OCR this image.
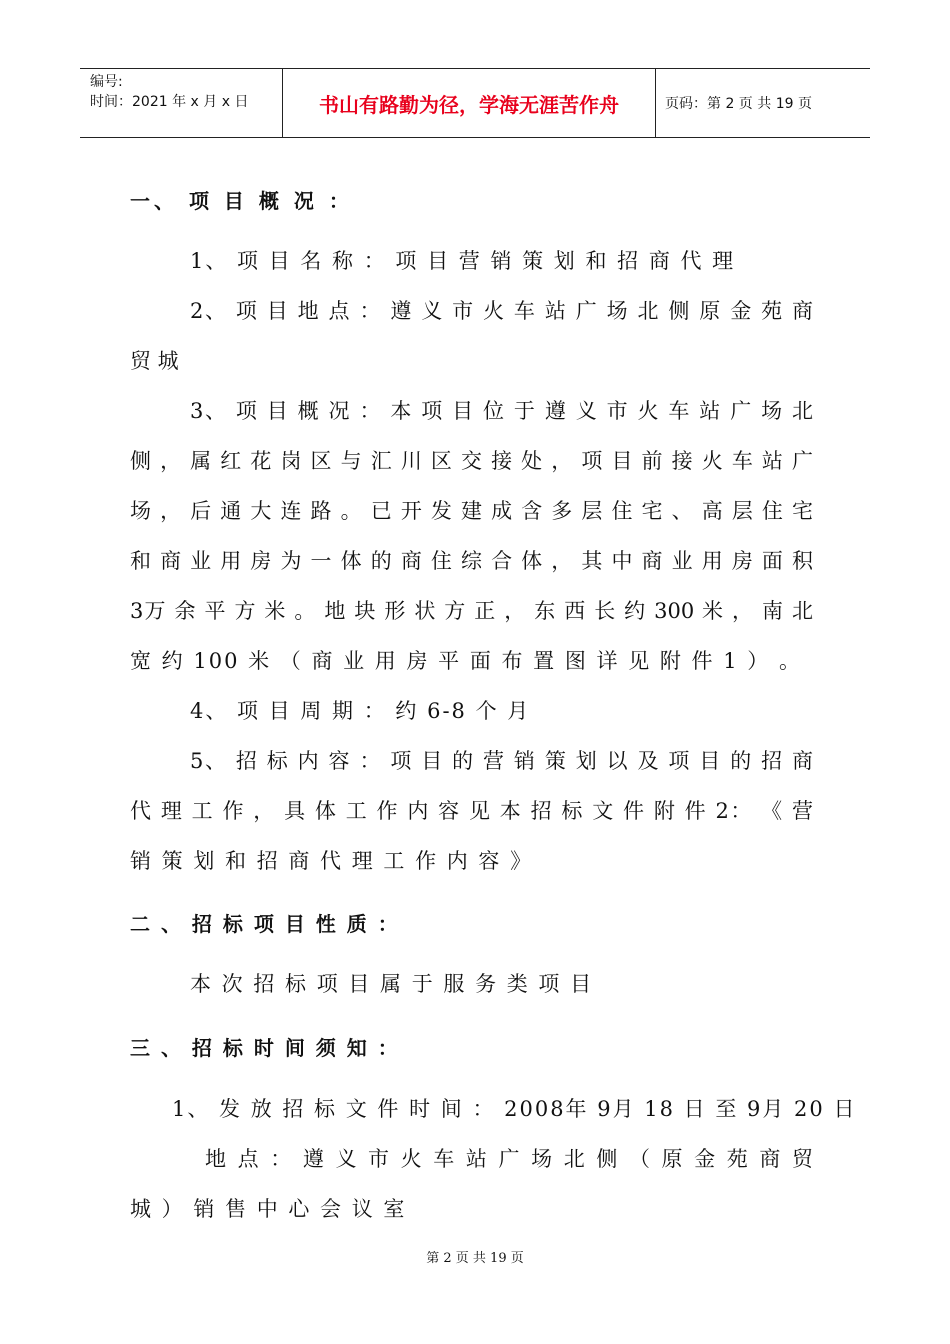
编号:
时间：2021 年 x 月 x 日	书山有路勤为径，学海无涯苦作舟	页码：第 2 页 共 19 页
一、 项 目 概 况 ：
1、 项 目 名 称 ： 项 目 营 销 策 划 和 招 商 代 理
2、 项 目 地 点 ： 遵 义 市 火 车 站 广 场 北 侧 原 金 苑 商
贸 城
3、 项 目 概 况 ： 本 项 目 位 于 遵 义 市 火 车 站 广 场 北
侧 ， 属 红 花 岗 区 与 汇 川 区 交 接 处 ， 项 目 前 接 火 车 站 广
场 ， 后 通 大 连 路 。 已 开 发 建 成 含 多 层 住 宅 、 高 层 住 宅
和 商 业 用 房 为 一 体 的 商 住 综 合 体 ， 其 中 商 业 用 房 面 积
3万 余 平 方 米 。 地 块 形 状 方 正 ， 东 西 长 约 300 米 ， 南 北
宽 约 100 米 （ 商 业 用 房 平 面 布 置 图 详 见 附 件 1 ） 。
4、 项 目 周 期 ： 约 6-8 个 月
5、 招 标 内 容 ： 项 目 的 营 销 策 划 以 及 项 目 的 招 商
代 理 工 作 ， 具 体 工 作 内 容 见 本 招 标 文 件 附 件 2： 《 营
销 策 划 和 招 商 代 理 工 作 内 容 》
二 、 招 标 项 目 性 质 ：
本 次 招 标 项 目 属 于 服 务 类 项 目
三 、 招 标 时 间 须 知 ：
1、 发 放 招 标 文 件 时 间 ： 2008年 9月 18 日 至 9月 20 日
地 点 ： 遵 义 市 火 车 站 广 场 北 侧 （ 原 金 苑 商 贸
城 ） 销 售 中 心 会 议 室
第 2 页 共 19 页
